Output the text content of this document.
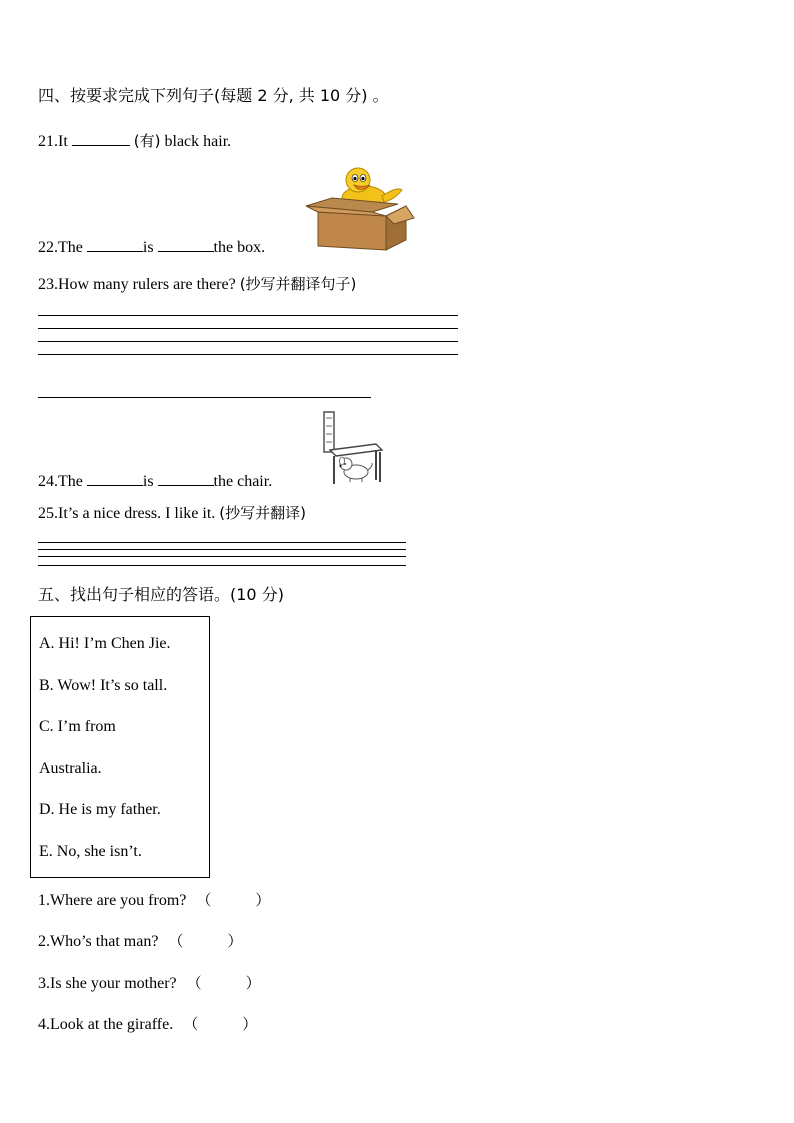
四、按要求完成下列句子(每题 2 分, 共 10 分) 。
21.It	(有) black hair.
22.The	is	the box.
23.How many rulers are there? (抄写并翻译句子)
24.The	is	the chair.
25.It’s a nice dress. I like it. (抄写并翻译)
五、找出句子相应的答语。(10 分)
A. Hi! I’m Chen Jie.
B. Wow! It’s so tall.
C. I’m from
Australia.
D. He is my father.
E. No, she isn’t.
1.Where are you from? （	）
2.Who’s that man? （	）
3.Is she your mother? （	）
4.Look at the giraffe. （	）
